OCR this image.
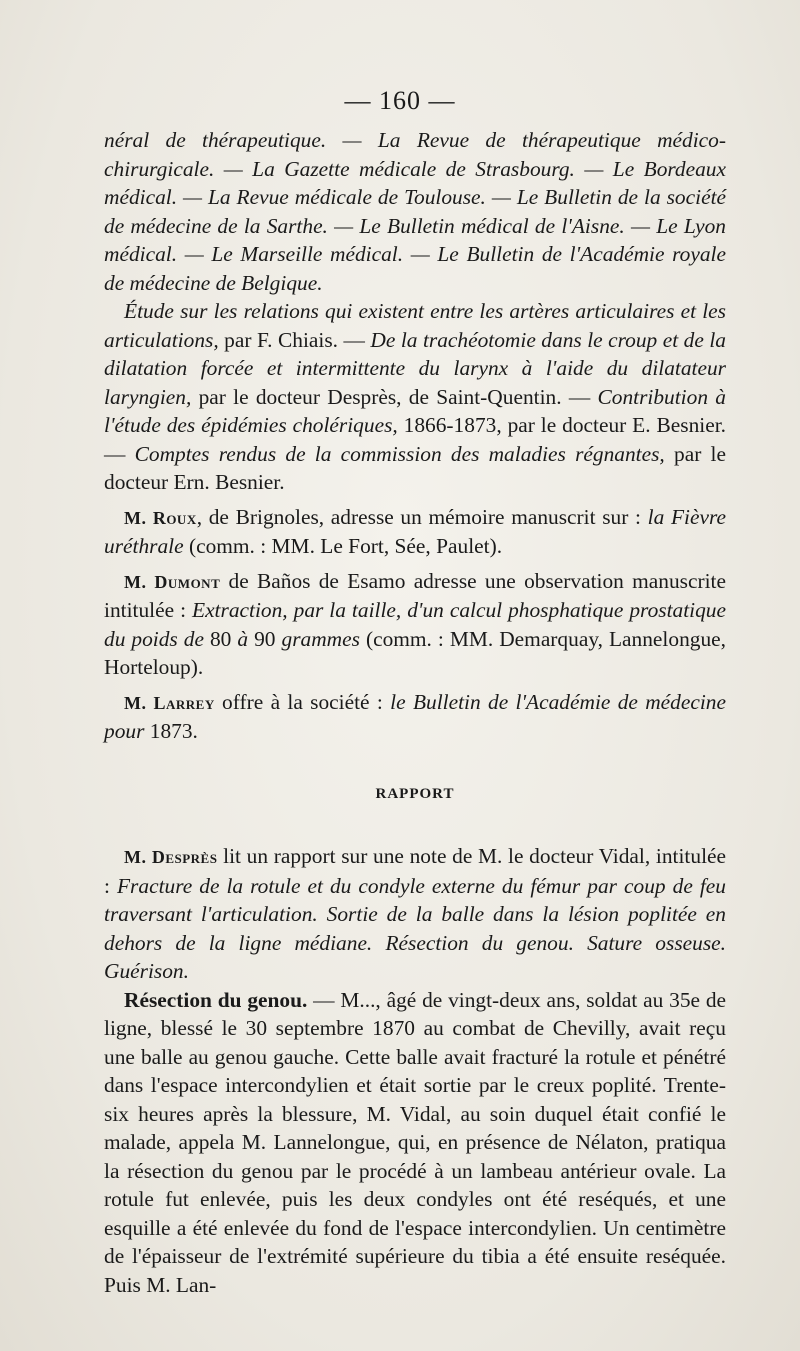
— 160 —

néral de thérapeutique. — La Revue de thérapeutique médico-chirurgicale. — La Gazette médicale de Strasbourg. — Le Bordeaux médical. — La Revue médicale de Toulouse. — Le Bulletin de la société de médecine de la Sarthe. — Le Bulletin médical de l'Aisne. — Le Lyon médical. — Le Marseille médical. — Le Bulletin de l'Académie royale de médecine de Belgique.

Étude sur les relations qui existent entre les artères articulaires et les articulations, par F. Chiais. — De la trachéotomie dans le croup et de la dilatation forcée et intermittente du larynx à l'aide du dilatateur laryngien, par le docteur Desprès, de Saint-Quentin. — Contribution à l'étude des épidémies cholériques, 1866-1873, par le docteur E. Besnier. — Comptes rendus de la commission des maladies régnantes, par le docteur Ern. Besnier.

M. Roux, de Brignoles, adresse un mémoire manuscrit sur : la Fièvre uréthrale (comm. : MM. Le Fort, Sée, Paulet).

M. Dumont de Baños de Esamo adresse une observation manuscrite intitulée : Extraction, par la taille, d'un calcul phosphatique prostatique du poids de 80 à 90 grammes (comm. : MM. Demarquay, Lannelongue, Horteloup).

M. Larrey offre à la société : le Bulletin de l'Académie de médecine pour 1873.

RAPPORT

M. Desprès lit un rapport sur une note de M. le docteur Vidal, intitulée : Fracture de la rotule et du condyle externe du fémur par coup de feu traversant l'articulation. Sortie de la balle dans la lésion poplitée en dehors de la ligne médiane. Résection du genou. Sature osseuse. Guérison.

Résection du genou. — M..., âgé de vingt-deux ans, soldat au 35e de ligne, blessé le 30 septembre 1870 au combat de Chevilly, avait reçu une balle au genou gauche. Cette balle avait fracturé la rotule et pénétré dans l'espace intercondylien et était sortie par le creux poplité. Trente-six heures après la blessure, M. Vidal, au soin duquel était confié le malade, appela M. Lannelongue, qui, en présence de Nélaton, pratiqua la résection du genou par le procédé à un lambeau antérieur ovale. La rotule fut enlevée, puis les deux condyles ont été reséqués, et une esquille a été enlevée du fond de l'espace intercondylien. Un centimètre de l'épaisseur de l'extrémité supérieure du tibia a été ensuite reséquée. Puis M. Lan-
